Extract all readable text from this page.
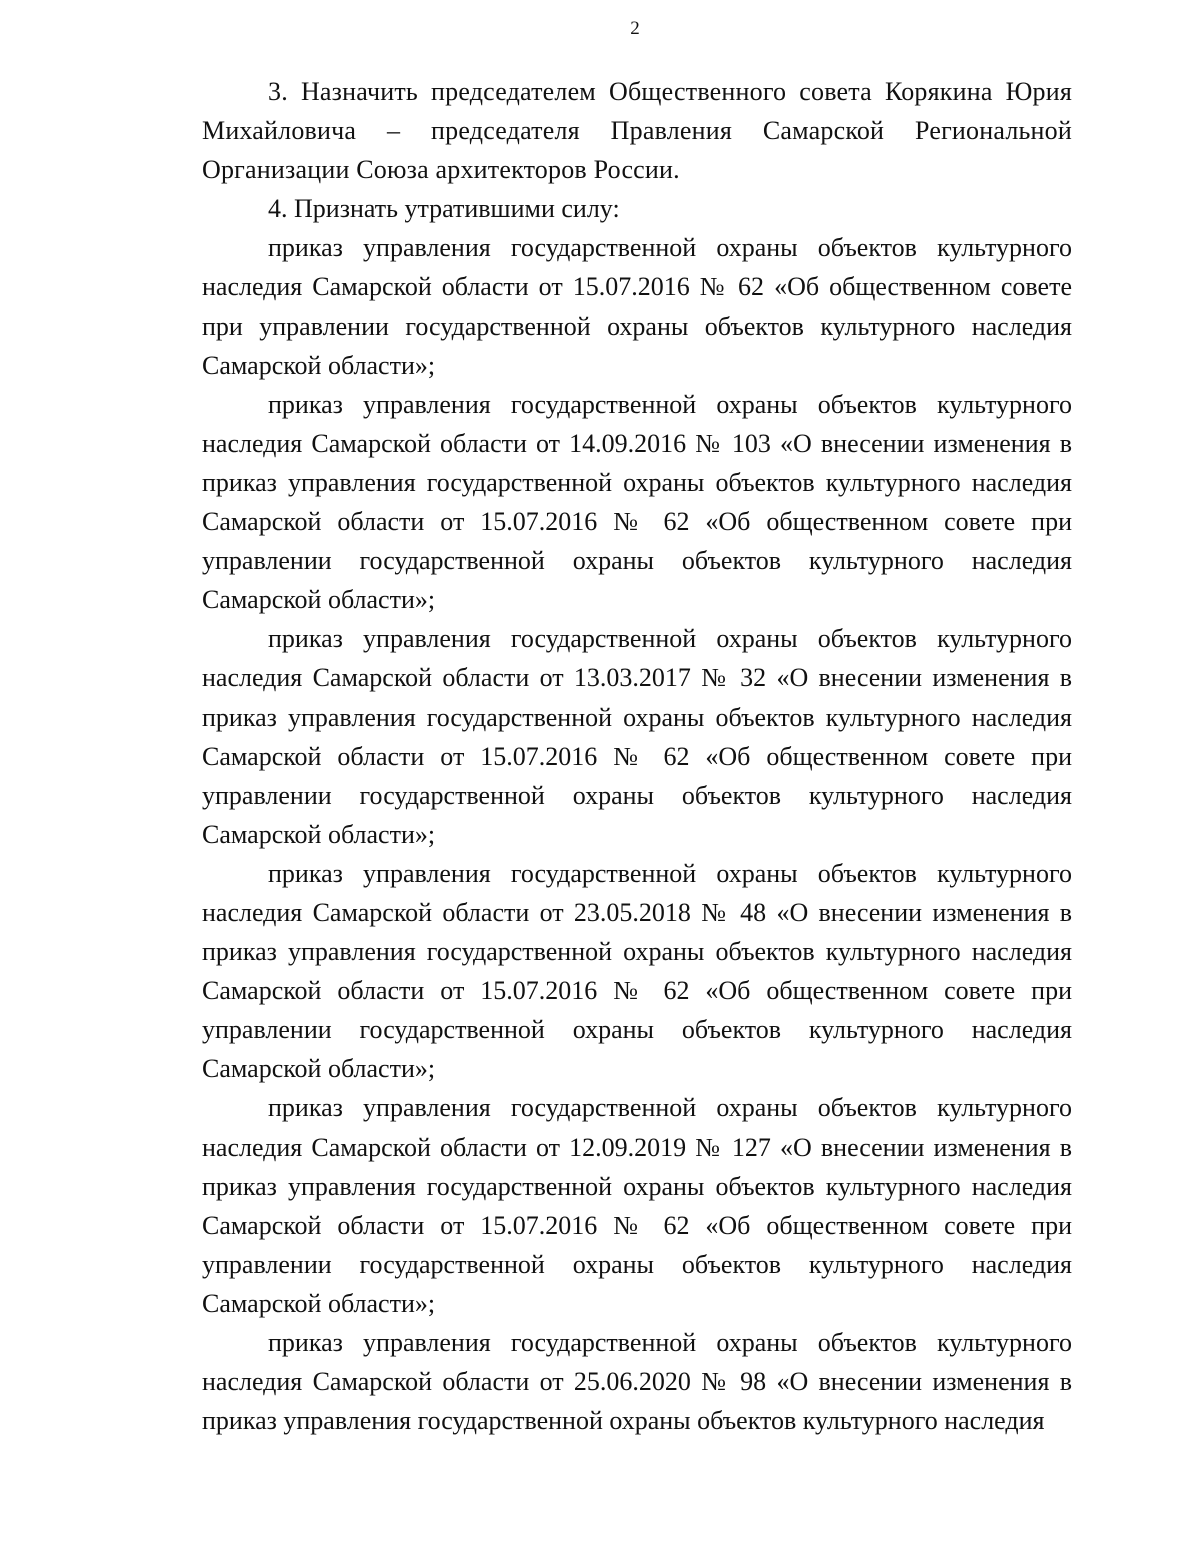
2

3. Назначить председателем Общественного совета Корякина Юрия Михайловича – председателя Правления Самарской Региональной Организации Союза архитекторов России.

4. Признать утратившими силу:

приказ управления государственной охраны объектов культурного наследия Самарской области от 15.07.2016 № 62 «Об общественном совете при управлении государственной охраны объектов культурного наследия Самарской области»;

приказ управления государственной охраны объектов культурного наследия Самарской области от 14.09.2016 № 103 «О внесении изменения в приказ управления государственной охраны объектов культурного наследия Самарской области от 15.07.2016 № 62 «Об общественном совете при управлении государственной охраны объектов культурного наследия Самарской области»;

приказ управления государственной охраны объектов культурного наследия Самарской области от 13.03.2017 № 32 «О внесении изменения в приказ управления государственной охраны объектов культурного наследия Самарской области от 15.07.2016 № 62 «Об общественном совете при управлении государственной охраны объектов культурного наследия Самарской области»;

приказ управления государственной охраны объектов культурного наследия Самарской области от 23.05.2018 № 48 «О внесении изменения в приказ управления государственной охраны объектов культурного наследия Самарской области от 15.07.2016 № 62 «Об общественном совете при управлении государственной охраны объектов культурного наследия Самарской области»;

приказ управления государственной охраны объектов культурного наследия Самарской области от 12.09.2019 № 127 «О внесении изменения в приказ управления государственной охраны объектов культурного наследия Самарской области от 15.07.2016 № 62 «Об общественном совете при управлении государственной охраны объектов культурного наследия Самарской области»;

приказ управления государственной охраны объектов культурного наследия Самарской области от 25.06.2020 № 98 «О внесении изменения в приказ управления государственной охраны объектов культурного наследия
